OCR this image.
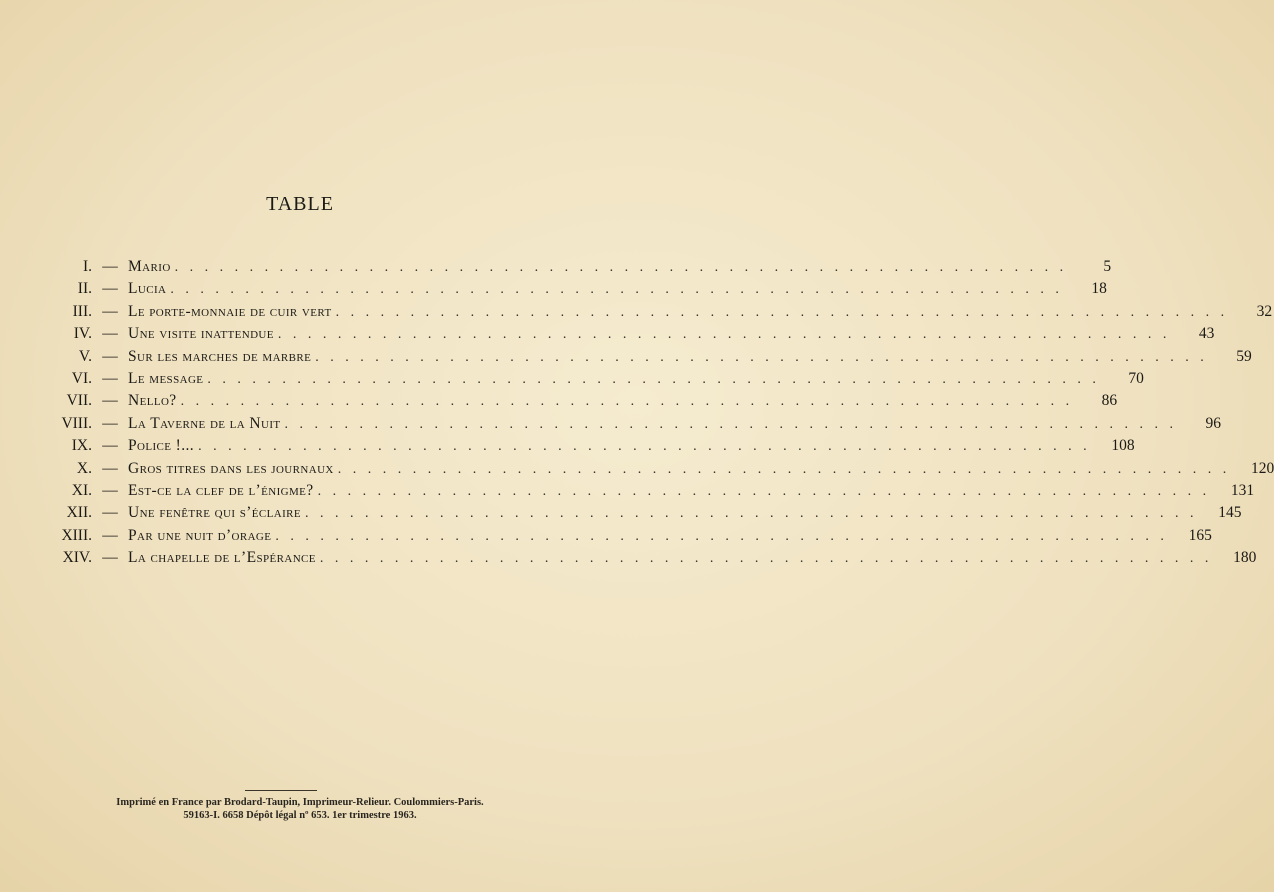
TABLE
I. — Mario . . . . . . . . . . . . . . . . . . . . . . . . . . . . . . . . . . . . . . . . . . . . . . . . . . . . . . . . . . . .	5
II. — Lucia . . . . . . . . . . . . . . . . . . . . . . . . . . . . . . . . . . . . . . . . . . . . . . . . . . . . . . . . . . . .	18
III. — Le porte-monnaie de cuir vert . . . . . . . . . . . . . . . . . . . . . . . . . . . . . . . . . . . . . . . . . . . . . . . . . . . . . . . . . . . .	32
IV. — Une visite inattendue . . . . . . . . . . . . . . . . . . . . . . . . . . . . . . . . . . . . . . . . . . . . . . . . . . . . . . . . . . . .	43
V. — Sur les marches de marbre . . . . . . . . . . . . . . . . . . . . . . . . . . . . . . . . . . . . . . . . . . . . . . . . . . . . . . . . . . . .	59
VI. — Le message . . . . . . . . . . . . . . . . . . . . . . . . . . . . . . . . . . . . . . . . . . . . . . . . . . . . . . . . . . . .	70
VII. — Nello? . . . . . . . . . . . . . . . . . . . . . . . . . . . . . . . . . . . . . . . . . . . . . . . . . . . . . . . . . . . .	86
VIII. — La Taverne de la Nuit . . . . . . . . . . . . . . . . . . . . . . . . . . . . . . . . . . . . . . . . . . . . . . . . . . . . . . . . . . . .	96
IX. — Police !... . . . . . . . . . . . . . . . . . . . . . . . . . . . . . . . . . . . . . . . . . . . . . . . . . . . . . . . . . . . .	108
X. — Gros titres dans les journaux . . . . . . . . . . . . . . . . . . . . . . . . . . . . . . . . . . . . . . . . . . . . . . . . . . . . . . . . . . . .	120
XI. — Est-ce la clef de l’énigme? . . . . . . . . . . . . . . . . . . . . . . . . . . . . . . . . . . . . . . . . . . . . . . . . . . . . . . . . . . . .	131
XII. — Une fenêtre qui s’éclaire . . . . . . . . . . . . . . . . . . . . . . . . . . . . . . . . . . . . . . . . . . . . . . . . . . . . . . . . . . . .	145
XIII. — Par une nuit d’orage . . . . . . . . . . . . . . . . . . . . . . . . . . . . . . . . . . . . . . . . . . . . . . . . . . . . . . . . . . . .	165
XIV. — La chapelle de l’Espérance . . . . . . . . . . . . . . . . . . . . . . . . . . . . . . . . . . . . . . . . . . . . . . . . . . . . . . . . . . . .	180
Imprimé en France par Brodard-Taupin, Imprimeur-Relieur. Coulommiers-Paris.
59163-I. 6658 Dépôt légal nº 653. 1er trimestre 1963.
